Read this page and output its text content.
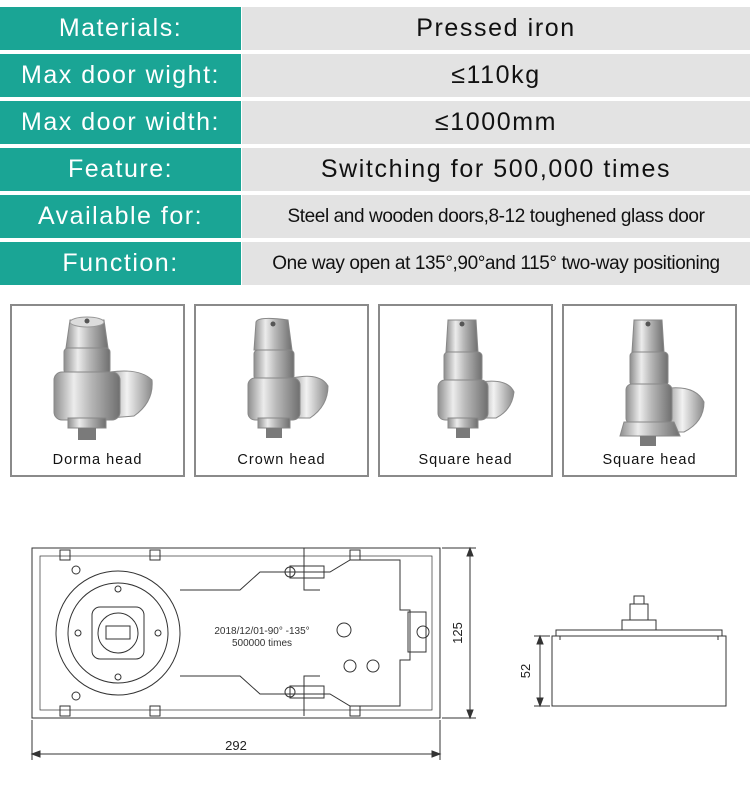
Materials:	Pressed iron
Max door wight:	≤110kg
Max door width:	≤1000mm
Feature:	Switching for 500,000 times
Available for:	Steel and wooden doors,8-12 toughened glass door
Function:	One way open at 135°,90°and 115° two-way positioning
Dorma head	Crown head	Square head	Square head
2018/12/01-90° -135°
500000 times
292
125
52
